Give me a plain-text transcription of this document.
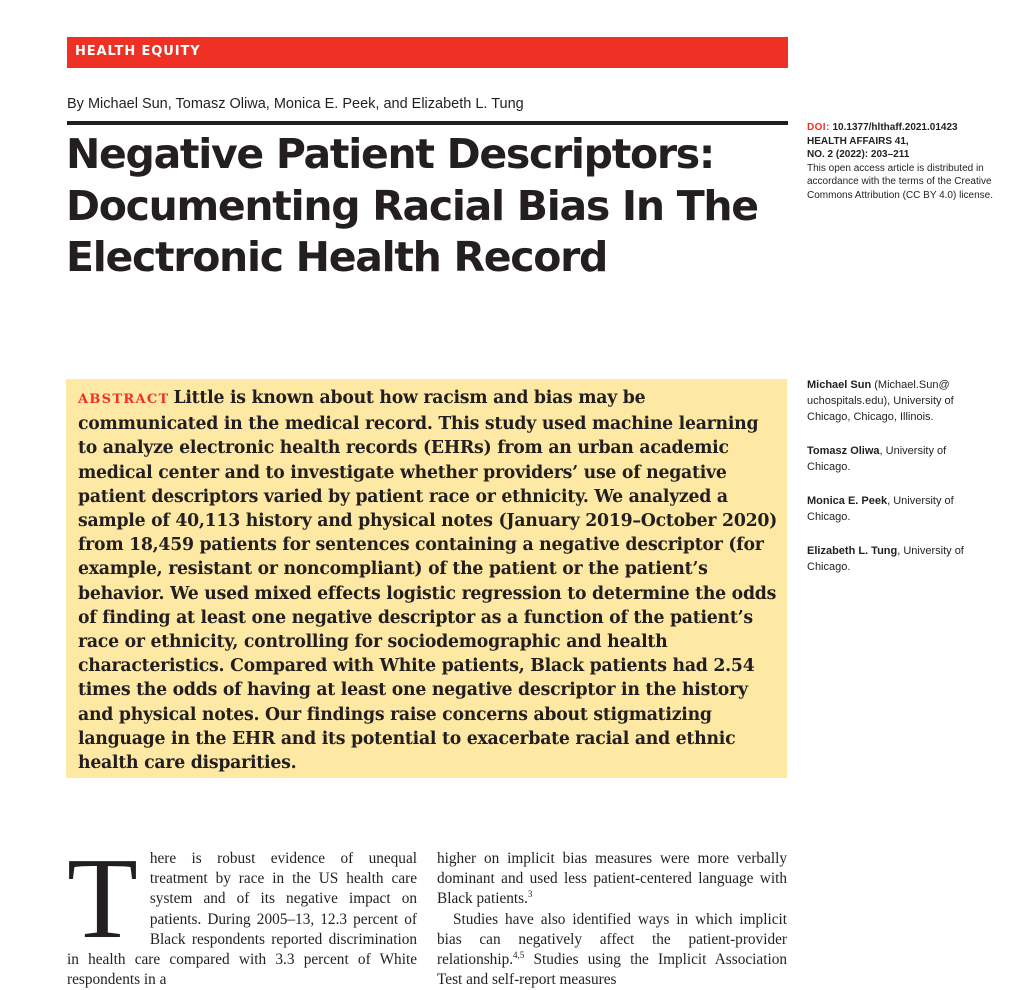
HEALTH EQUITY
By Michael Sun, Tomasz Oliwa, Monica E. Peek, and Elizabeth L. Tung
Negative Patient Descriptors: Documenting Racial Bias In The Electronic Health Record
DOI: 10.1377/hlthaff.2021.01423
HEALTH AFFAIRS 41,
NO. 2 (2022): 203–211
This open access article is distributed in accordance with the terms of the Creative Commons Attribution (CC BY 4.0) license.
ABSTRACT Little is known about how racism and bias may be communicated in the medical record. This study used machine learning to analyze electronic health records (EHRs) from an urban academic medical center and to investigate whether providers’ use of negative patient descriptors varied by patient race or ethnicity. We analyzed a sample of 40,113 history and physical notes (January 2019–October 2020) from 18,459 patients for sentences containing a negative descriptor (for example, resistant or noncompliant) of the patient or the patient’s behavior. We used mixed effects logistic regression to determine the odds of finding at least one negative descriptor as a function of the patient’s race or ethnicity, controlling for sociodemographic and health characteristics. Compared with White patients, Black patients had 2.54 times the odds of having at least one negative descriptor in the history and physical notes. Our findings raise concerns about stigmatizing language in the EHR and its potential to exacerbate racial and ethnic health care disparities.
Michael Sun (Michael.Sun@ uchospitals.edu), University of Chicago, Chicago, Illinois.
Tomasz Oliwa, University of Chicago.
Monica E. Peek, University of Chicago.
Elizabeth L. Tung, University of Chicago.
There is robust evidence of unequal treatment by race in the US health care system and of its negative impact on patients. During 2005–13, 12.3 percent of Black respondents reported discrimination in health care compared with 3.3 percent of White respondents in a
higher on implicit bias measures were more verbally dominant and used less patient-centered language with Black patients.$^3$
Studies have also identified ways in which implicit bias can negatively affect the patient-provider relationship.$^{4,5}$ Studies using the Implicit Association Test and self-report measures
